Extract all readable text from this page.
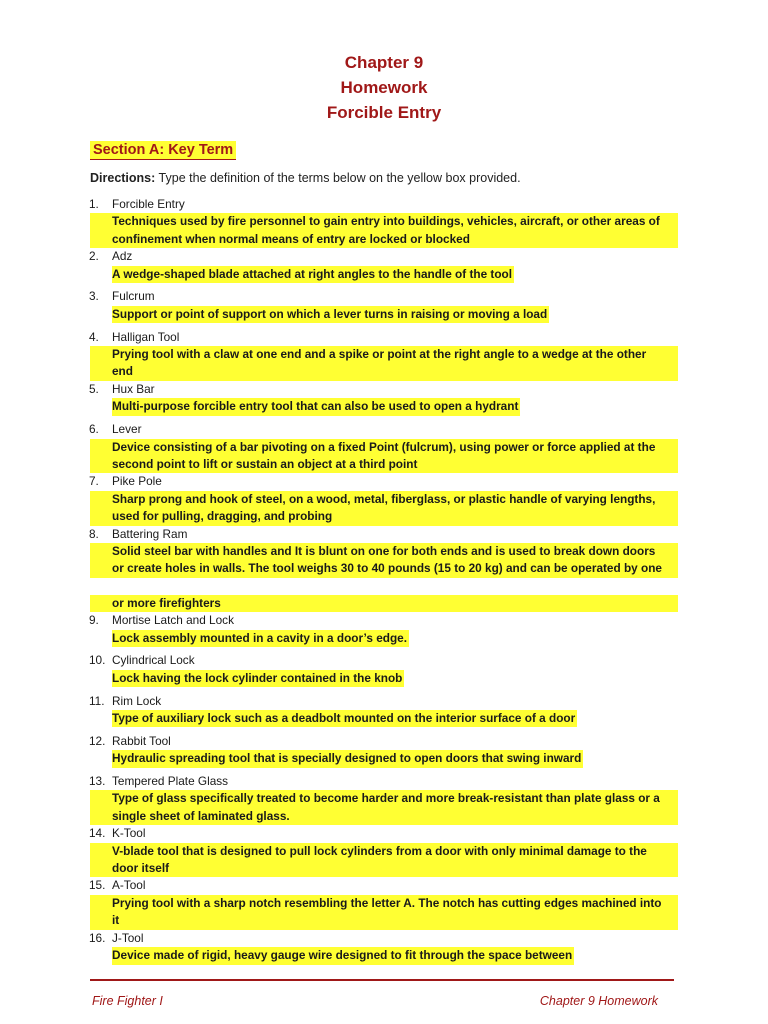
Chapter 9
Homework
Forcible Entry
Section A: Key Term
Directions: Type the definition of the terms below on the yellow box provided.
1.	Forcible Entry
Techniques used by fire personnel to gain entry into buildings, vehicles, aircraft, or other areas of
confinement when normal means of entry are locked or blocked
2.	Adz
A wedge-shaped blade attached at right angles to the handle of the tool
3.	Fulcrum
Support or point of support on which a lever turns in raising or moving a load
4.	Halligan Tool
Prying tool with a claw at one end and a spike or point at the right angle to a wedge at the other
end
5.	Hux Bar
Multi-purpose forcible entry tool that can also be used to open a hydrant
6.	Lever
Device consisting of a bar pivoting on a fixed Point (fulcrum), using power or force applied at the
second point to lift or sustain an object at a third point
7.	Pike Pole
Sharp prong and hook of steel, on a wood, metal, fiberglass, or plastic handle of varying lengths,
used for pulling, dragging, and probing
8.	Battering Ram
Solid steel bar with handles and It is blunt on one for both ends and is used to break down doors
or create holes in walls. The tool weighs 30 to 40 pounds (15 to 20 kg) and can be operated by one
or more firefighters
9.	Mortise Latch and Lock
Lock assembly mounted in a cavity in a door’s edge.
10. Cylindrical Lock
Lock having the lock cylinder contained in the knob
11. Rim Lock
Type of auxiliary lock such as a deadbolt mounted on the interior surface of a door
12. Rabbit Tool
Hydraulic spreading tool that is specially designed to open doors that swing inward
13. Tempered Plate Glass
Type of glass specifically treated to become harder and more break-resistant than plate glass or a
single sheet of laminated glass.
14. K-Tool
V-blade tool that is designed to pull lock cylinders from a door with only minimal damage to the
door itself
15. A-Tool
Prying tool with a sharp notch resembling the letter A. The notch has cutting edges machined into
it
16. J-Tool
Device made of rigid, heavy gauge wire designed to fit through the space between
Fire Fighter I	Chapter 9 Homework
